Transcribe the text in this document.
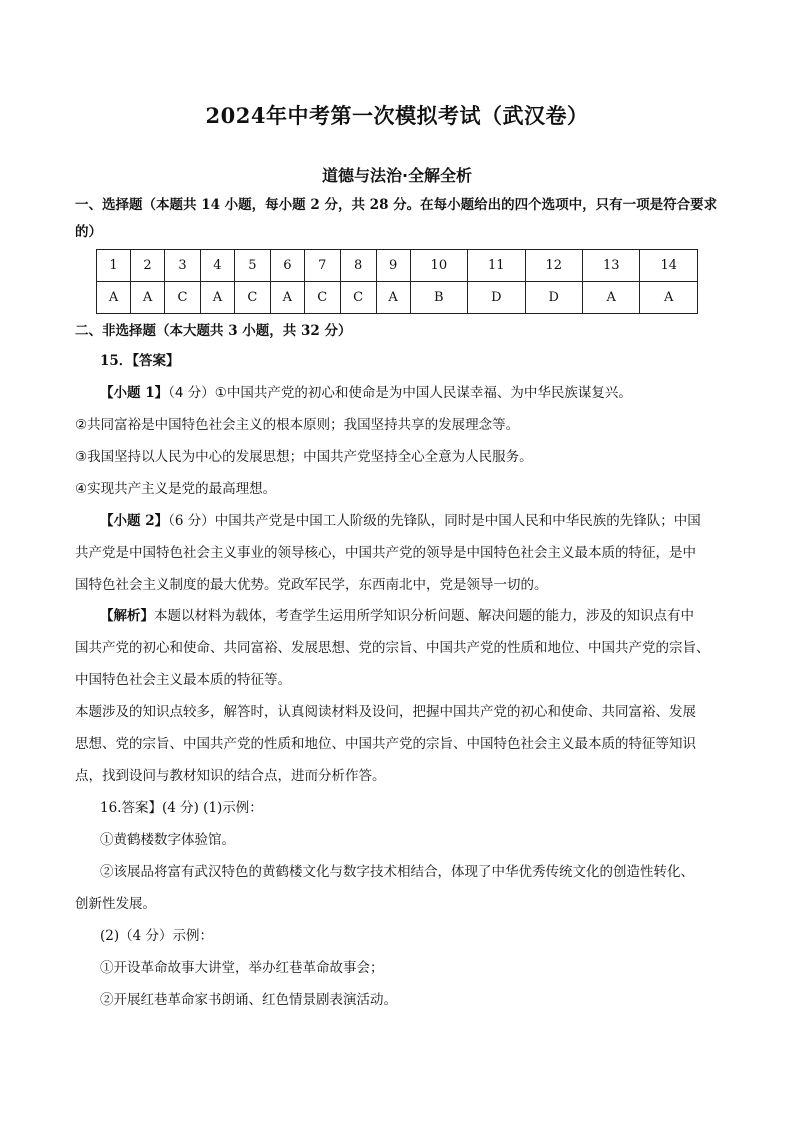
2024年中考第一次模拟考试（武汉卷）
道德与法治·全解全析
一、选择题（本题共 14 小题，每小题 2 分，共 28 分。在每小题给出的四个选项中，只有一项是符合要求
的）
1	2	3	4	5	6	7	8	9	10	11	12	13	14
A	A	C	A	C	A	C	C	A	B	D	D	A	A
二、非选择题（本大题共 3 小题，共 32 分）
15．【答案】
【小题 1】（4 分）①中国共产党的初心和使命是为中国人民谋幸福、为中华民族谋复兴。
②共同富裕是中国特色社会主义的根本原则；我国坚持共享的发展理念等。
③我国坚持以人民为中心的发展思想；中国共产党坚持全心全意为人民服务。
④实现共产主义是党的最高理想。
【小题 2】（6 分）中国共产党是中国工人阶级的先锋队，同时是中国人民和中华民族的先锋队；中国
共产党是中国特色社会主义事业的领导核心，中国共产党的领导是中国特色社会主义最本质的特征，是中
国特色社会主义制度的最大优势。党政军民学，东西南北中，党是领导一切的。
【解析】本题以材料为载体，考查学生运用所学知识分析问题、解决问题的能力，涉及的知识点有中
国共产党的初心和使命、共同富裕、发展思想、党的宗旨、中国共产党的性质和地位、中国共产党的宗旨、
中国特色社会主义最本质的特征等。
本题涉及的知识点较多，解答时，认真阅读材料及设问，把握中国共产党的初心和使命、共同富裕、发展
思想、党的宗旨、中国共产党的性质和地位、中国共产党的宗旨、中国特色社会主义最本质的特征等知识
点，找到设问与教材知识的结合点，进而分析作答。
16.答案】(4 分) (1)示例：
①黄鹤楼数字体验馆。
②该展品将富有武汉特色的黄鹤楼文化与数字技术相结合，体现了中华优秀传统文化的创造性转化、
创新性发展。
(2)（4 分）示例：
①开设革命故事大讲堂，举办红巷革命故事会；
②开展红巷革命家书朗诵、红色情景剧表演活动。
